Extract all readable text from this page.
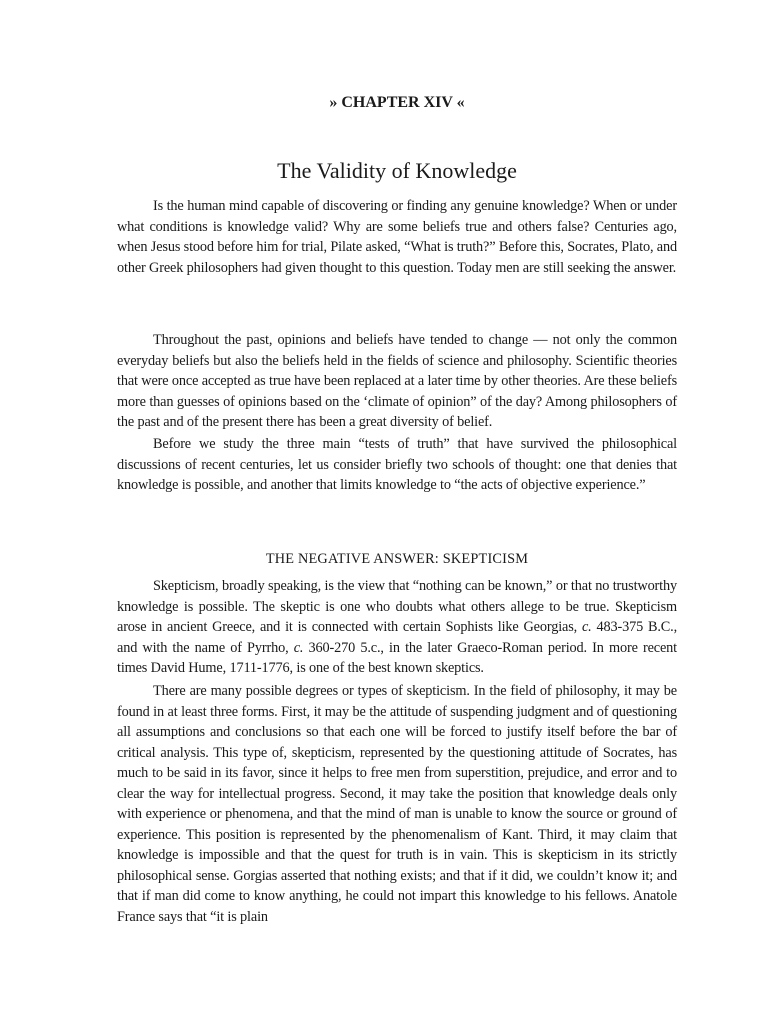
» CHAPTER XIV «
The Validity of Knowledge

Is the human mind capable of discovering or finding any genuine knowledge? When or under what conditions is knowledge valid? Why are some beliefs true and others false? Centuries ago, when Jesus stood before him for trial, Pilate asked, “What is truth?” Before this, Socrates, Plato, and other Greek philosophers had given thought to this question. Today men are still seeking the answer.

Throughout the past, opinions and beliefs have tended to change — not only the common everyday beliefs but also the beliefs held in the fields of science and philosophy. Scientific theories that were once accepted as true have been replaced at a later time by other theories. Are these beliefs more than guesses of opinions based on the ‘climate of opinion” of the day? Among philosophers of the past and of the present there has been a great diversity of belief.

Before we study the three main “tests of truth” that have survived the philosophical discussions of recent centuries, let us consider briefly two schools of thought: one that denies that knowledge is possible, and another that limits knowledge to “the acts of objective experience.”

THE NEGATIVE ANSWER: SKEPTICISM

Skepticism, broadly speaking, is the view that “nothing can be known,” or that no trustworthy knowledge is possible. The skeptic is one who doubts what others allege to be true. Skepticism arose in ancient Greece, and it is connected with certain Sophists like Georgias, c. 483-375 B.C., and with the name of Pyrrho, c. 360-270 5.c., in the later Graeco-Roman period. In more recent times David Hume, 1711-1776, is one of the best known skeptics.

There are many possible degrees or types of skepticism. In the field of philosophy, it may be found in at least three forms. First, it may be the attitude of suspending judgment and of questioning all assumptions and conclusions so that each one will be forced to justify itself before the bar of critical analysis. This type of, skepticism, represented by the questioning attitude of Socrates, has much to be said in its favor, since it helps to free men from superstition, prejudice, and error and to clear the way for intellectual progress. Second, it may take the position that knowledge deals only with experience or phenomena, and that the mind of man is unable to know the source or ground of experience. This position is represented by the phenomenalism of Kant. Third, it may claim that knowledge is impossible and that the quest for truth is in vain. This is skepticism in its strictly philosophical sense. Gorgias asserted that nothing exists; and that if it did, we couldn’t know it; and that if man did come to know anything, he could not impart this knowledge to his fellows. Anatole France says that “it is plain
